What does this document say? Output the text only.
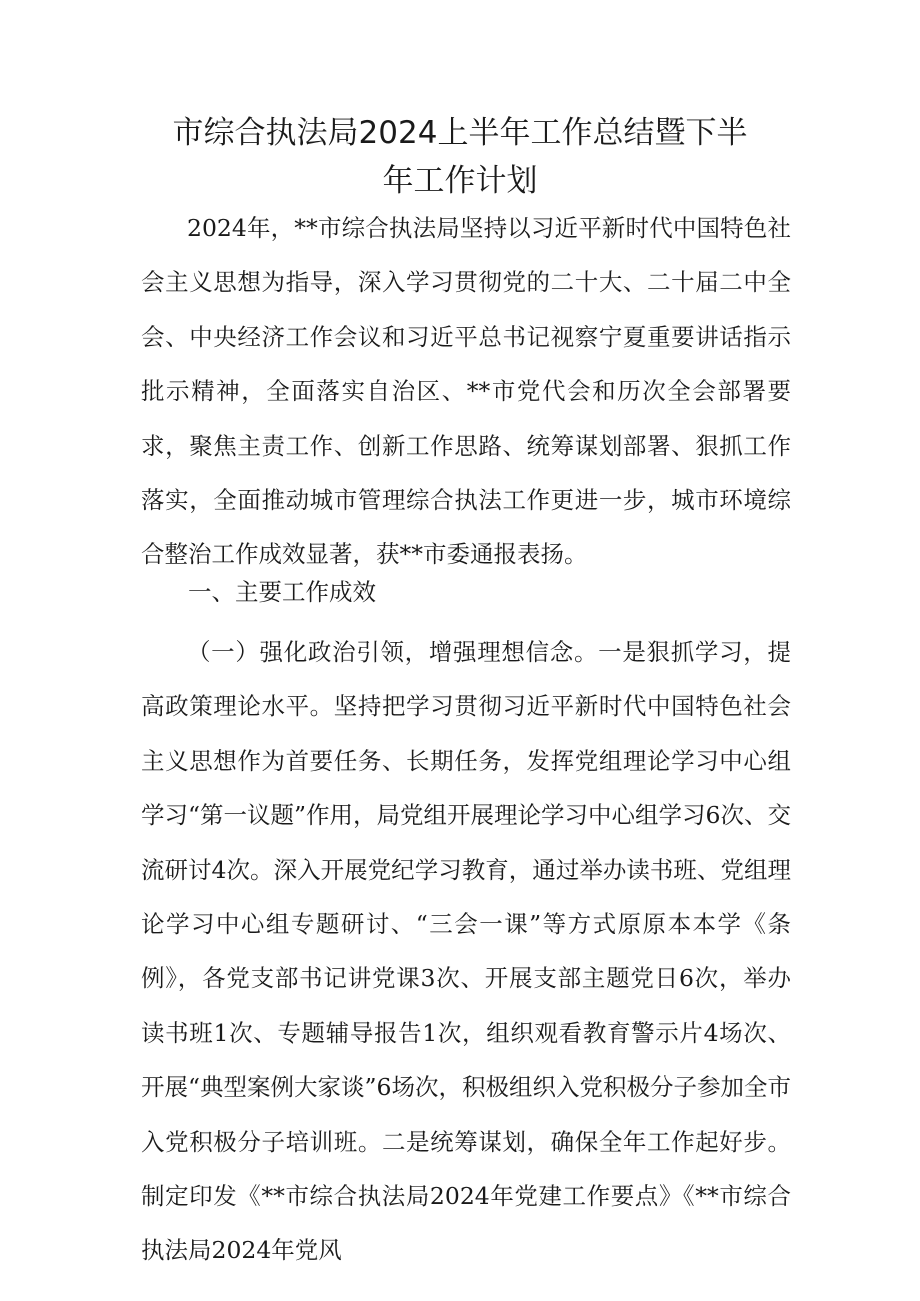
市综合执法局2024上半年工作总结暨下半
年工作计划

2024年，**市综合执法局坚持以习近平新时代中国特色社会主义思想为指导，深入学习贯彻党的二十大、二十届二中全会、中央经济工作会议和习近平总书记视察宁夏重要讲话指示批示精神，全面落实自治区、**市党代会和历次全会部署要求，聚焦主责工作、创新工作思路、统筹谋划部署、狠抓工作落实，全面推动城市管理综合执法工作更进一步，城市环境综合整治工作成效显著，获**市委通报表扬。

一、主要工作成效

（一）强化政治引领，增强理想信念。一是狠抓学习，提高政策理论水平。坚持把学习贯彻习近平新时代中国特色社会主义思想作为首要任务、长期任务，发挥党组理论学习中心组学习“第一议题”作用，局党组开展理论学习中心组学习6次、交流研讨4次。深入开展党纪学习教育，通过举办读书班、党组理论学习中心组专题研讨、“三会一课”等方式原原本本学《条例》，各党支部书记讲党课3次、开展支部主题党日6次，举办读书班1次、专题辅导报告1次，组织观看教育警示片4场次、开展“典型案例大家谈”6场次，积极组织入党积极分子参加全市入党积极分子培训班。二是统筹谋划，确保全年工作起好步。制定印发《**市综合执法局2024年党建工作要点》《**市综合执法局2024年党风
